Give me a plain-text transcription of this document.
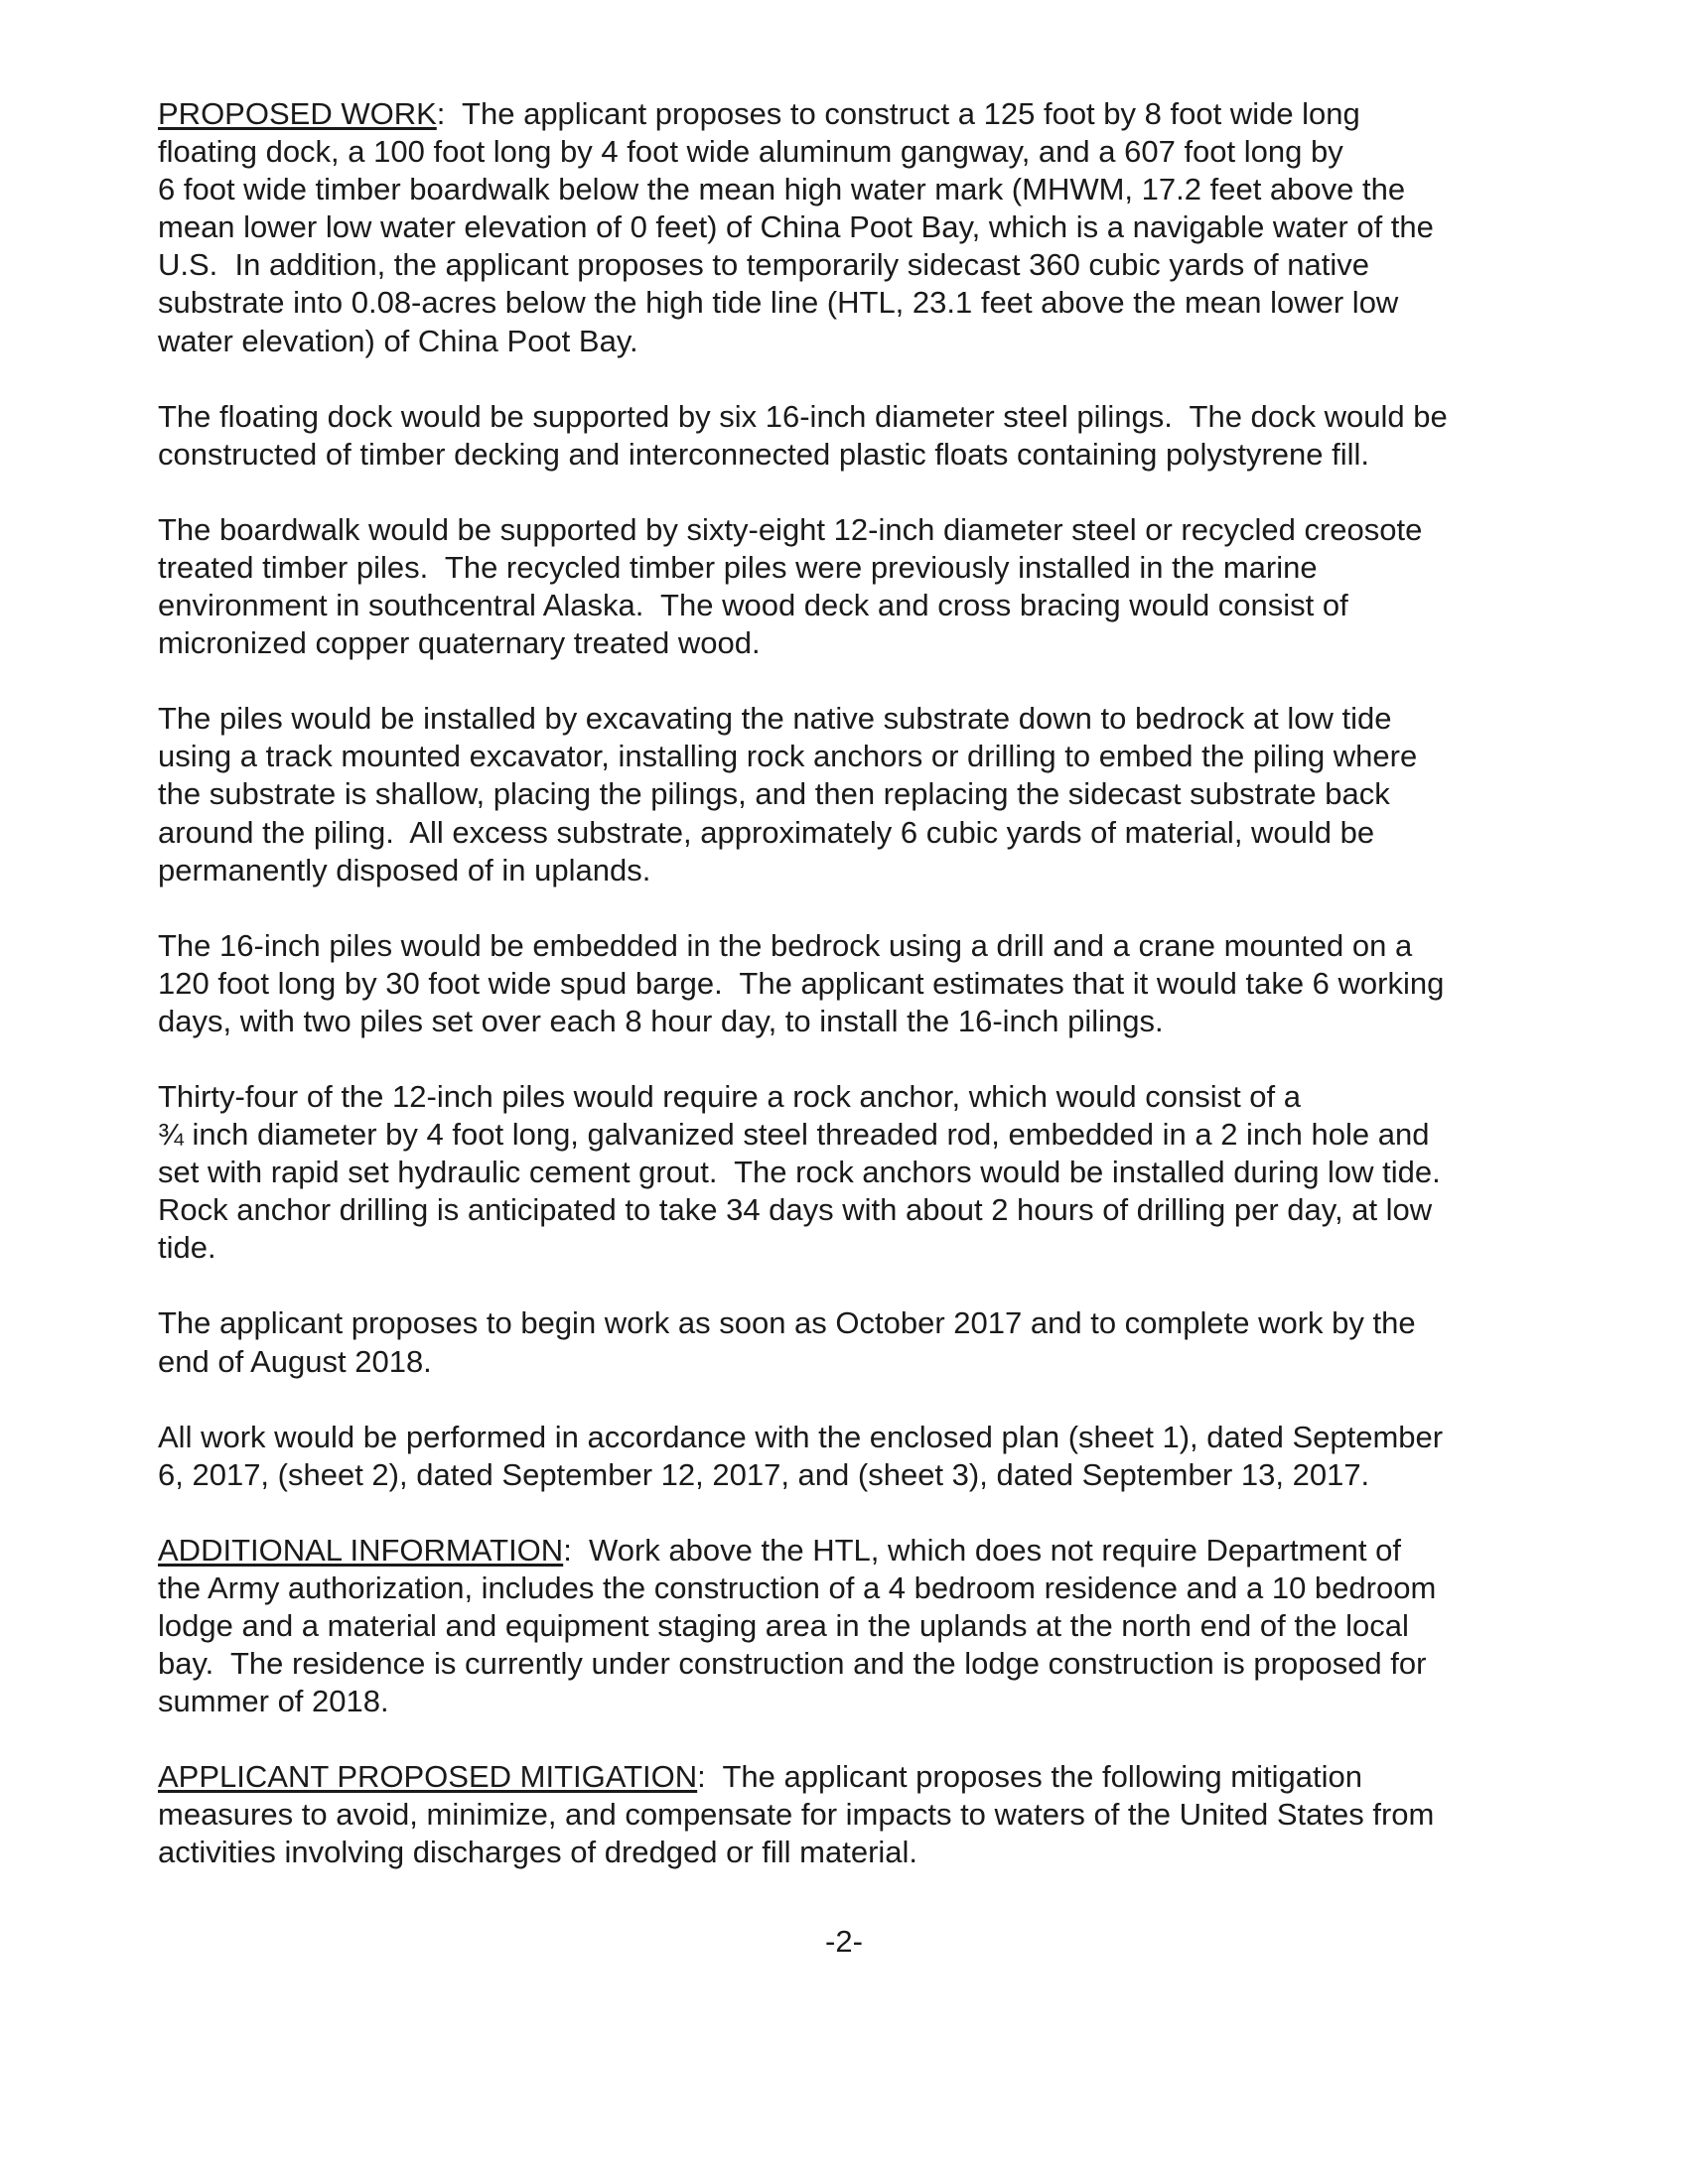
PROPOSED WORK:  The applicant proposes to construct a 125 foot by 8 foot wide long
floating dock, a 100 foot long by 4 foot wide aluminum gangway, and a 607 foot long by
6 foot wide timber boardwalk below the mean high water mark (MHWM, 17.2 feet above the
mean lower low water elevation of 0 feet) of China Poot Bay, which is a navigable water of the
U.S.  In addition, the applicant proposes to temporarily sidecast 360 cubic yards of native
substrate into 0.08-acres below the high tide line (HTL, 23.1 feet above the mean lower low
water elevation) of China Poot Bay.
The floating dock would be supported by six 16-inch diameter steel pilings.  The dock would be
constructed of timber decking and interconnected plastic floats containing polystyrene fill.
The boardwalk would be supported by sixty-eight 12-inch diameter steel or recycled creosote
treated timber piles.  The recycled timber piles were previously installed in the marine
environment in southcentral Alaska.  The wood deck and cross bracing would consist of
micronized copper quaternary treated wood.
The piles would be installed by excavating the native substrate down to bedrock at low tide
using a track mounted excavator, installing rock anchors or drilling to embed the piling where
the substrate is shallow, placing the pilings, and then replacing the sidecast substrate back
around the piling.  All excess substrate, approximately 6 cubic yards of material, would be
permanently disposed of in uplands.
The 16-inch piles would be embedded in the bedrock using a drill and a crane mounted on a
120 foot long by 30 foot wide spud barge.  The applicant estimates that it would take 6 working
days, with two piles set over each 8 hour day, to install the 16-inch pilings.
Thirty-four of the 12-inch piles would require a rock anchor, which would consist of a
¾ inch diameter by 4 foot long, galvanized steel threaded rod, embedded in a 2 inch hole and
set with rapid set hydraulic cement grout.  The rock anchors would be installed during low tide.
Rock anchor drilling is anticipated to take 34 days with about 2 hours of drilling per day, at low
tide.
The applicant proposes to begin work as soon as October 2017 and to complete work by the
end of August 2018.
All work would be performed in accordance with the enclosed plan (sheet 1), dated September
6, 2017, (sheet 2), dated September 12, 2017, and (sheet 3), dated September 13, 2017.
ADDITIONAL INFORMATION:  Work above the HTL, which does not require Department of
the Army authorization, includes the construction of a 4 bedroom residence and a 10 bedroom
lodge and a material and equipment staging area in the uplands at the north end of the local
bay.  The residence is currently under construction and the lodge construction is proposed for
summer of 2018.
APPLICANT PROPOSED MITIGATION:  The applicant proposes the following mitigation
measures to avoid, minimize, and compensate for impacts to waters of the United States from
activities involving discharges of dredged or fill material.
-2-
